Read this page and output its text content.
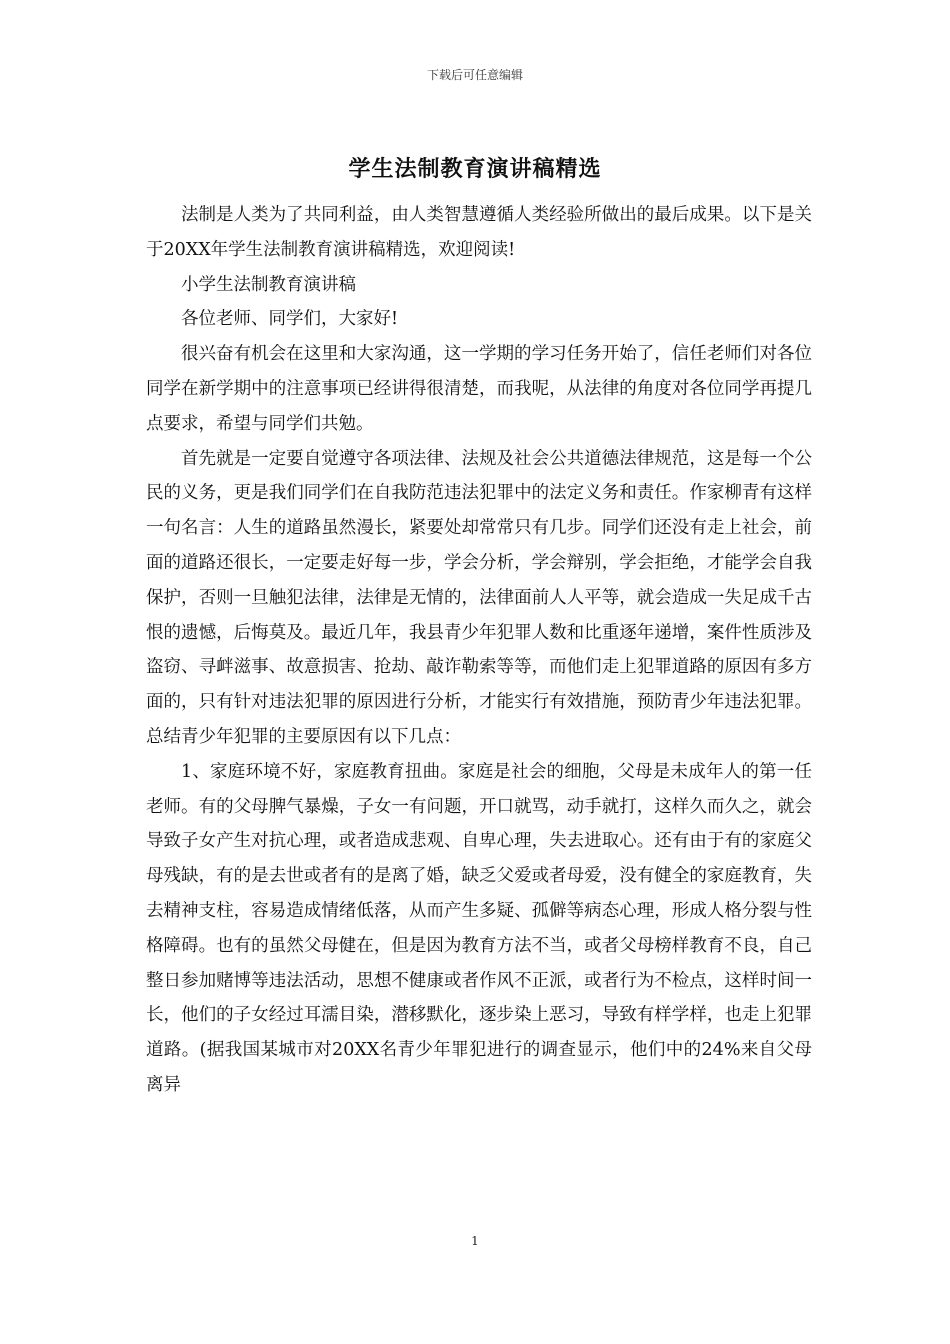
下载后可任意编辑
学生法制教育演讲稿精选

法制是人类为了共同利益，由人类智慧遵循人类经验所做出的最后成果。以下是关于20XX年学生法制教育演讲稿精选，欢迎阅读!

小学生法制教育演讲稿

各位老师、同学们，大家好!

很兴奋有机会在这里和大家沟通，这一学期的学习任务开始了，信任老师们对各位同学在新学期中的注意事项已经讲得很清楚，而我呢，从法律的角度对各位同学再提几点要求，希望与同学们共勉。

首先就是一定要自觉遵守各项法律、法规及社会公共道德法律规范，这是每一个公民的义务，更是我们同学们在自我防范违法犯罪中的法定义务和责任。作家柳青有这样一句名言：人生的道路虽然漫长，紧要处却常常只有几步。同学们还没有走上社会，前面的道路还很长，一定要走好每一步，学会分析，学会辩别，学会拒绝，才能学会自我保护，否则一旦触犯法律，法律是无情的，法律面前人人平等，就会造成一失足成千古恨的遗憾，后悔莫及。最近几年，我县青少年犯罪人数和比重逐年递增，案件性质涉及盗窃、寻衅滋事、故意损害、抢劫、敲诈勒索等等，而他们走上犯罪道路的原因有多方面的，只有针对违法犯罪的原因进行分析，才能实行有效措施，预防青少年违法犯罪。总结青少年犯罪的主要原因有以下几点：

1、家庭环境不好，家庭教育扭曲。家庭是社会的细胞，父母是未成年人的第一任老师。有的父母脾气暴燥，子女一有问题，开口就骂，动手就打，这样久而久之，就会导致子女产生对抗心理，或者造成悲观、自卑心理，失去进取心。还有由于有的家庭父母残缺，有的是去世或者有的是离了婚，缺乏父爱或者母爱，没有健全的家庭教育，失去精神支柱，容易造成情绪低落，从而产生多疑、孤僻等病态心理，形成人格分裂与性格障碍。也有的虽然父母健在，但是因为教育方法不当，或者父母榜样教育不良，自己整日参加赌博等违法活动，思想不健康或者作风不正派，或者行为不检点，这样时间一长，他们的子女经过耳濡目染，潜移默化，逐步染上恶习，导致有样学样，也走上犯罪道路。(据我国某城市对20XX名青少年罪犯进行的调查显示，他们中的24%来自父母离异

1
